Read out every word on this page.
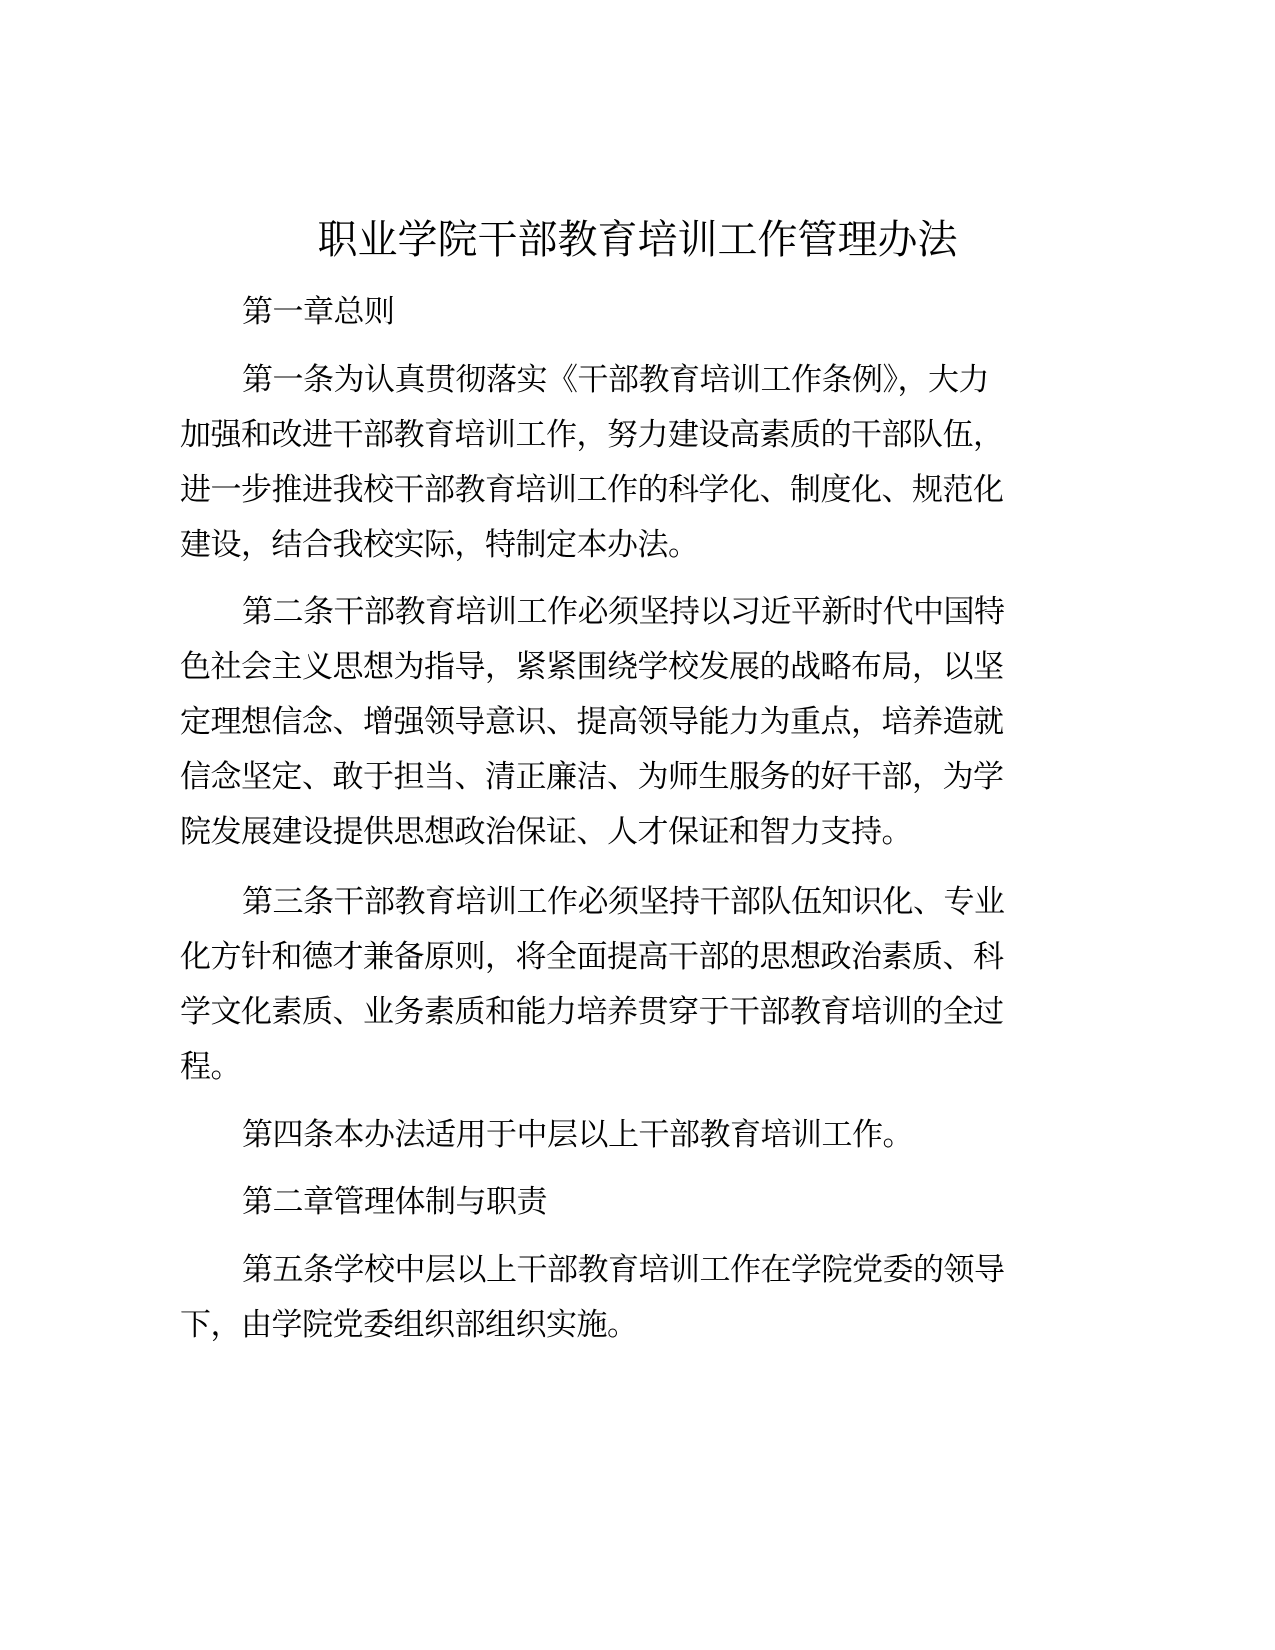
职业学院干部教育培训工作管理办法
第一章总则
第一条为认真贯彻落实《干部教育培训工作条例》，大力
加强和改进干部教育培训工作，努力建设高素质的干部队伍，
进一步推进我校干部教育培训工作的科学化、制度化、规范化
建设，结合我校实际，特制定本办法。
第二条干部教育培训工作必须坚持以习近平新时代中国特
色社会主义思想为指导，紧紧围绕学校发展的战略布局，以坚
定理想信念、增强领导意识、提高领导能力为重点，培养造就
信念坚定、敢于担当、清正廉洁、为师生服务的好干部，为学
院发展建设提供思想政治保证、人才保证和智力支持。
第三条干部教育培训工作必须坚持干部队伍知识化、专业
化方针和德才兼备原则，将全面提高干部的思想政治素质、科
学文化素质、业务素质和能力培养贯穿于干部教育培训的全过
程。
第四条本办法适用于中层以上干部教育培训工作。
第二章管理体制与职责
第五条学校中层以上干部教育培训工作在学院党委的领导
下，由学院党委组织部组织实施。
